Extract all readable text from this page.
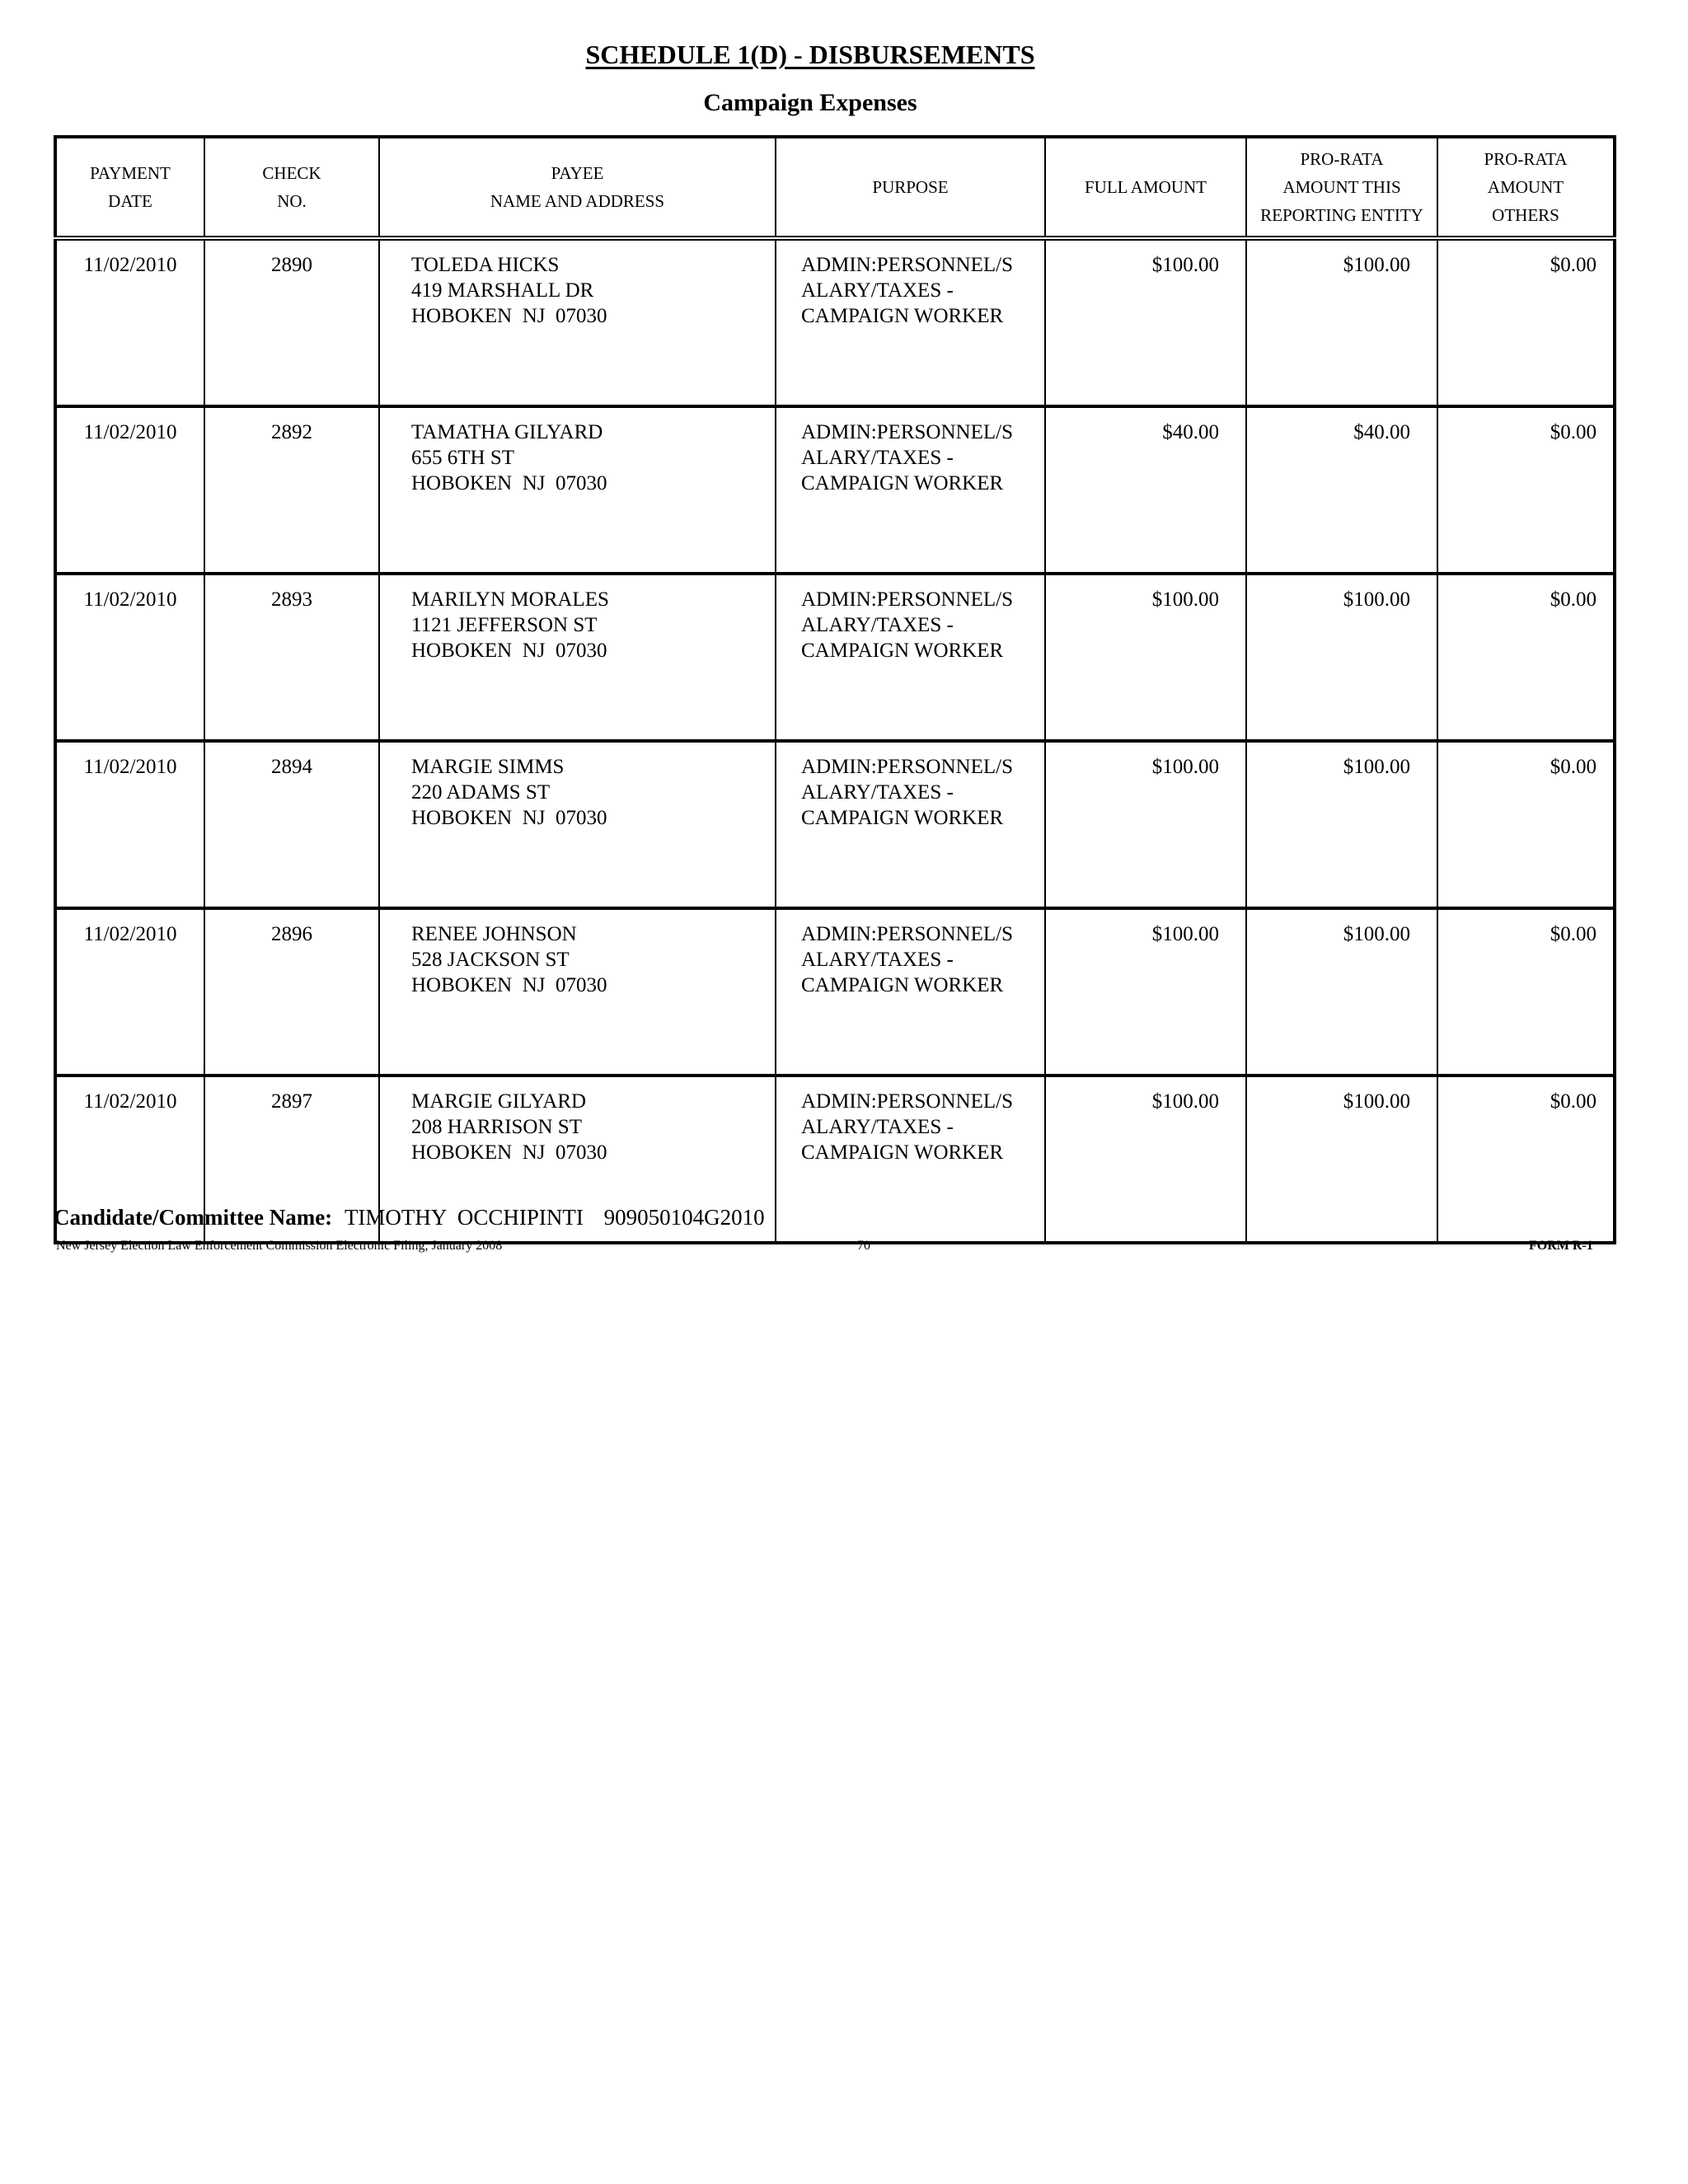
SCHEDULE 1(D) - DISBURSEMENTS
Campaign Expenses
PAYMENT
DATE	CHECK
NO.	PAYEE
NAME AND ADDRESS	PURPOSE	FULL AMOUNT	PRO-RATA
AMOUNT THIS
REPORTING ENTITY	PRO-RATA
AMOUNT
OTHERS

11/02/2010	2890	TOLEDA HICKS
419 MARSHALL DR
HOBOKEN  NJ  07030	ADMIN:PERSONNEL/S
ALARY/TAXES -
CAMPAIGN WORKER	$100.00	$100.00	$0.00
11/02/2010	2892	TAMATHA GILYARD
655 6TH ST
HOBOKEN  NJ  07030	ADMIN:PERSONNEL/S
ALARY/TAXES -
CAMPAIGN WORKER	$40.00	$40.00	$0.00
11/02/2010	2893	MARILYN MORALES
1121 JEFFERSON ST
HOBOKEN  NJ  07030	ADMIN:PERSONNEL/S
ALARY/TAXES -
CAMPAIGN WORKER	$100.00	$100.00	$0.00
11/02/2010	2894	MARGIE SIMMS
220 ADAMS ST
HOBOKEN  NJ  07030	ADMIN:PERSONNEL/S
ALARY/TAXES -
CAMPAIGN WORKER	$100.00	$100.00	$0.00
11/02/2010	2896	RENEE JOHNSON
528 JACKSON ST
HOBOKEN  NJ  07030	ADMIN:PERSONNEL/S
ALARY/TAXES -
CAMPAIGN WORKER	$100.00	$100.00	$0.00
11/02/2010	2897	MARGIE GILYARD
208 HARRISON ST
HOBOKEN  NJ  07030	ADMIN:PERSONNEL/S
ALARY/TAXES -
CAMPAIGN WORKER	$100.00	$100.00	$0.00
Candidate/Committee Name: TIMOTHY  OCCHIPINTI 909050104G2010
New Jersey Election Law Enforcement Commission Electronic Filing, January 2008	70	FORM R-1
